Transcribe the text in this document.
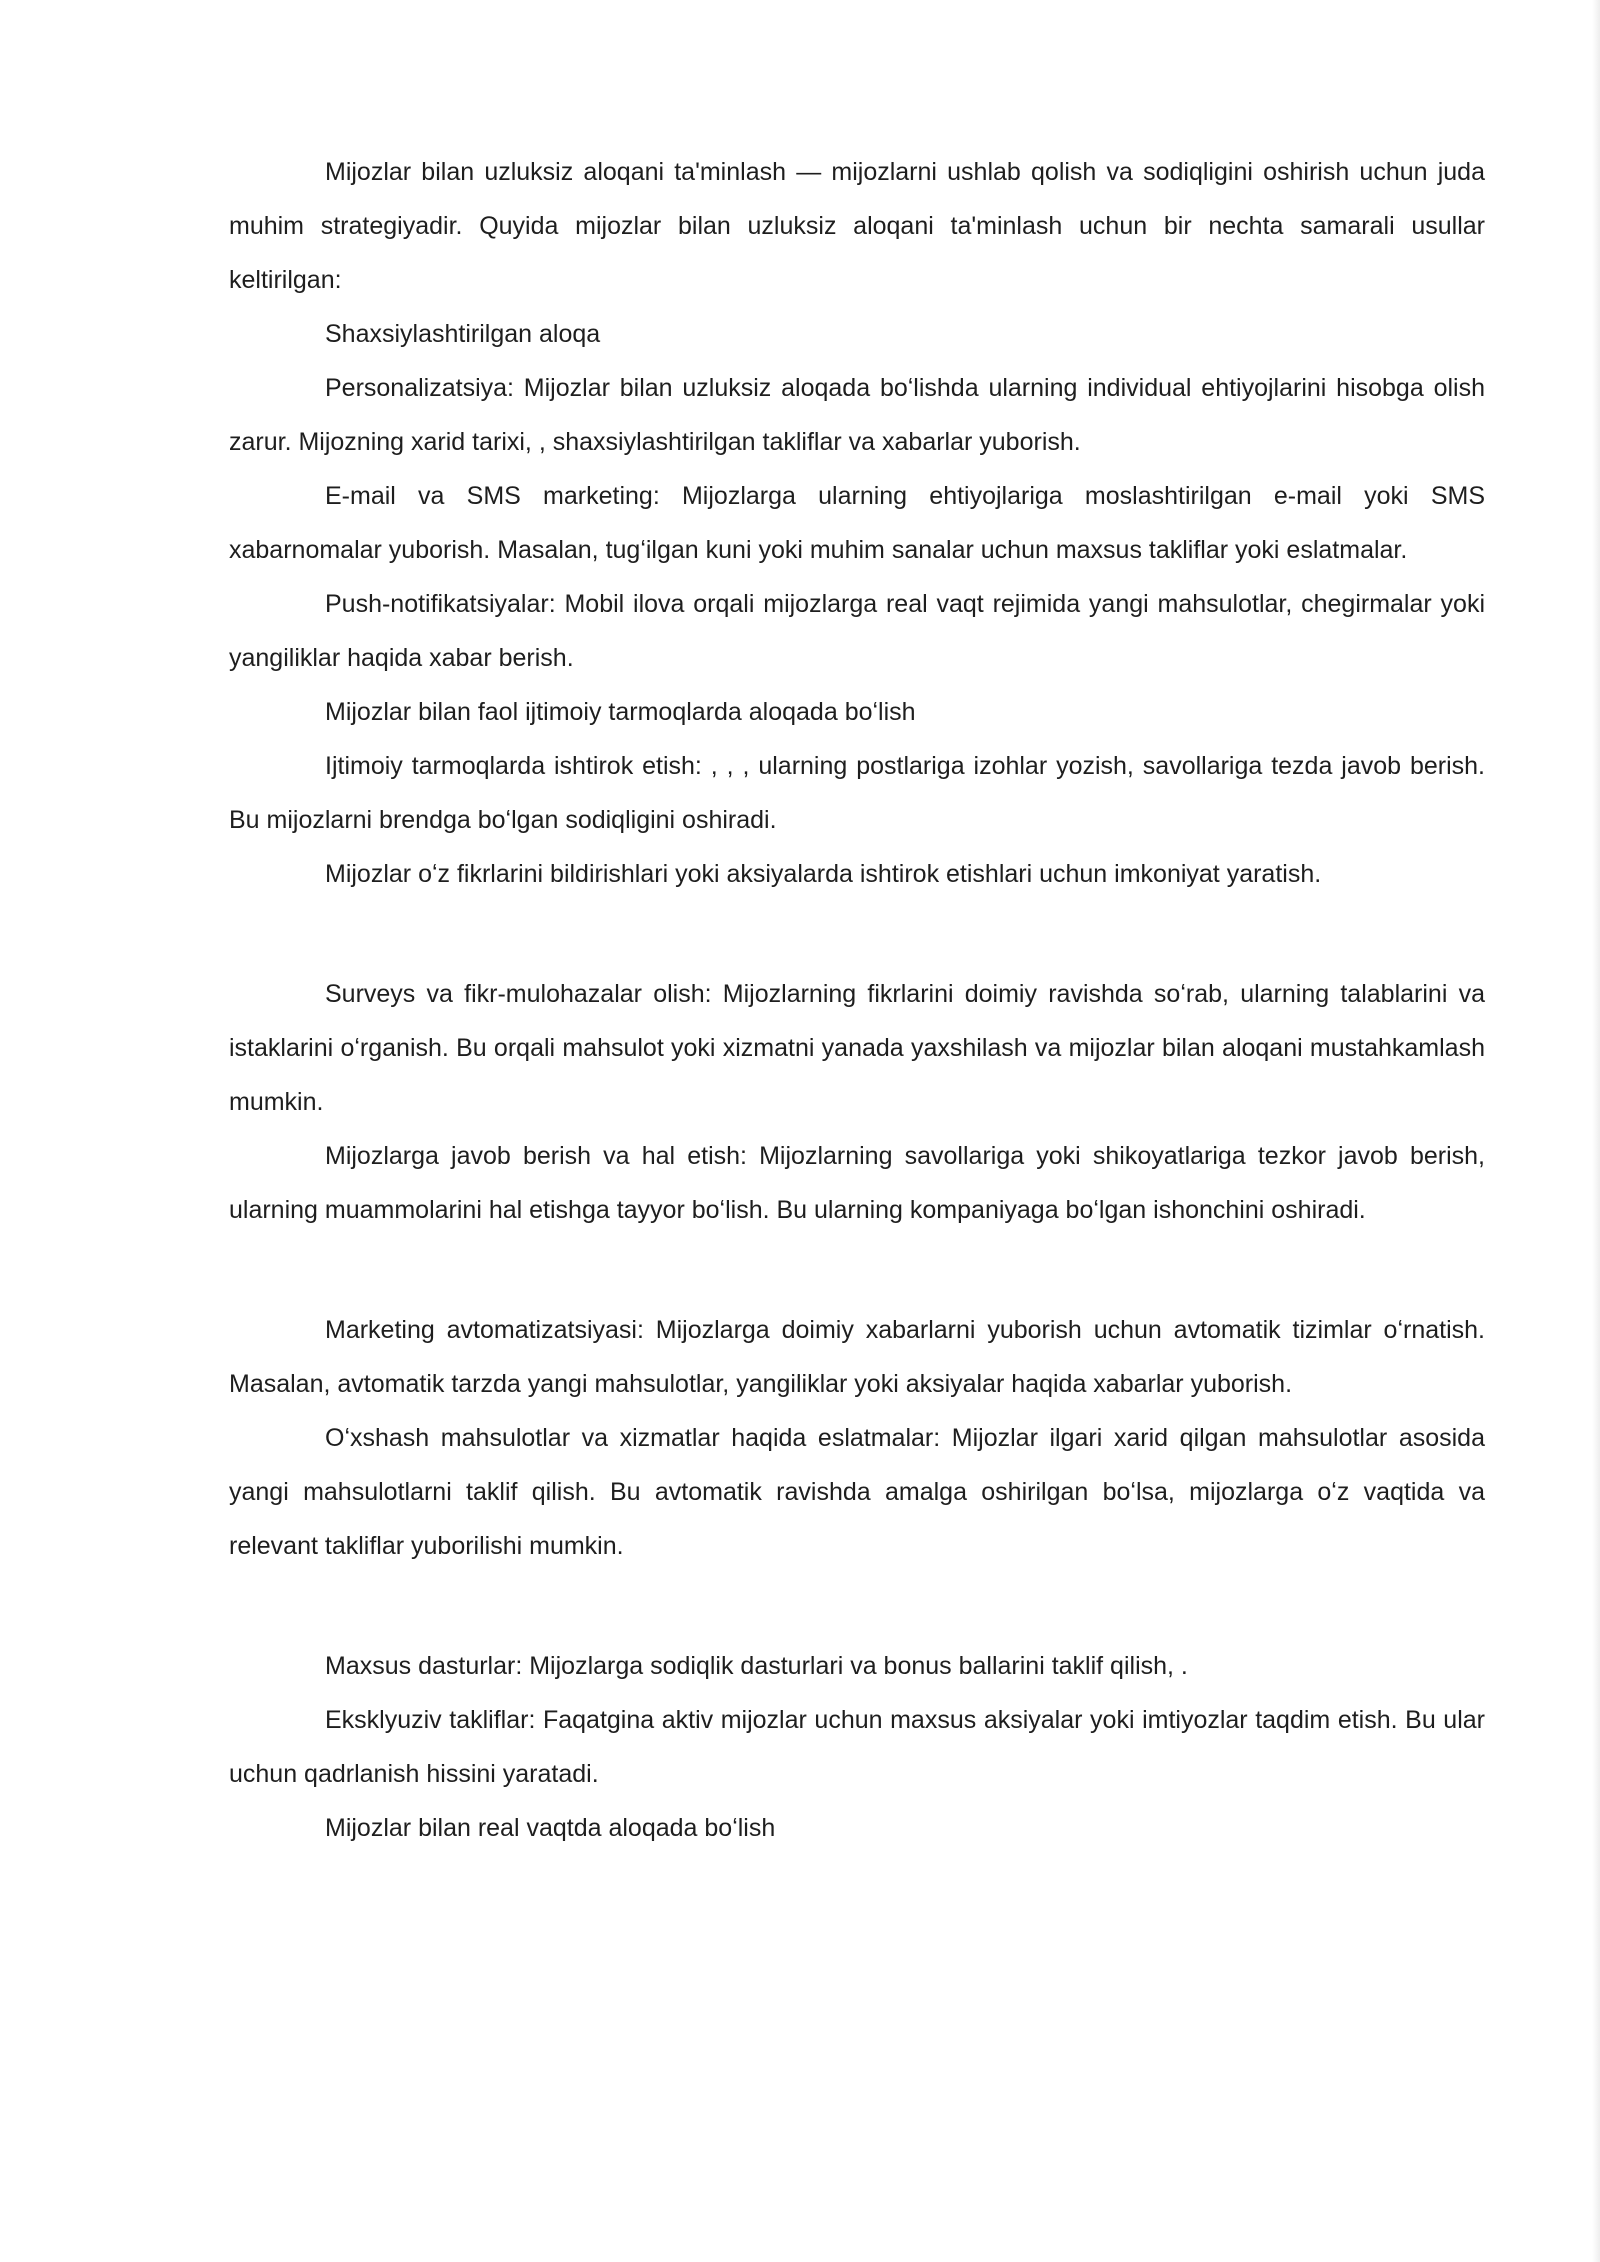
Mijozlar bilan uzluksiz aloqani ta'minlash — mijozlarni ushlab qolish va sodiqligini oshirish uchun juda muhim strategiyadir. Quyida mijozlar bilan uzluksiz aloqani ta'minlash uchun bir nechta samarali usullar keltirilgan:

Shaxsiylashtirilgan aloqa

Personalizatsiya: Mijozlar bilan uzluksiz aloqada boʻlishda ularning individual ehtiyojlarini hisobga olish zarur. Mijozning xarid tarixi, , shaxsiylashtirilgan takliflar va xabarlar yuborish.

E-mail va SMS marketing: Mijozlarga ularning ehtiyojlariga moslashtirilgan e-mail yoki SMS xabarnomalar yuborish. Masalan, tugʻilgan kuni yoki muhim sanalar uchun maxsus takliflar yoki eslatmalar.

Push-notifikatsiyalar: Mobil ilova orqali mijozlarga real vaqt rejimida yangi mahsulotlar, chegirmalar yoki yangiliklar haqida xabar berish.

Mijozlar bilan faol ijtimoiy tarmoqlarda aloqada boʻlish

Ijtimoiy tarmoqlarda ishtirok etish: , , , ularning postlariga izohlar yozish, savollariga tezda javob berish. Bu mijozlarni brendga boʻlgan sodiqligini oshiradi.

Mijozlar oʻz fikrlarini bildirishlari yoki aksiyalarda ishtirok etishlari uchun imkoniyat yaratish.

Surveys va fikr-mulohazalar olish: Mijozlarning fikrlarini doimiy ravishda soʻrab, ularning talablarini va istaklarini oʻrganish. Bu orqali mahsulot yoki xizmatni yanada yaxshilash va mijozlar bilan aloqani mustahkamlash mumkin.

Mijozlarga javob berish va hal etish: Mijozlarning savollariga yoki shikoyatlariga tezkor javob berish, ularning muammolarini hal etishga tayyor boʻlish. Bu ularning kompaniyaga boʻlgan ishonchini oshiradi.

Marketing avtomatizatsiyasi: Mijozlarga doimiy xabarlarni yuborish uchun avtomatik tizimlar oʻrnatish. Masalan, avtomatik tarzda yangi mahsulotlar, yangiliklar yoki aksiyalar haqida xabarlar yuborish.

Oʻxshash mahsulotlar va xizmatlar haqida eslatmalar: Mijozlar ilgari xarid qilgan mahsulotlar asosida yangi mahsulotlarni taklif qilish. Bu avtomatik ravishda amalga oshirilgan boʻlsa, mijozlarga oʻz vaqtida va relevant takliflar yuborilishi mumkin.

Maxsus dasturlar: Mijozlarga sodiqlik dasturlari va bonus ballarini taklif qilish, .

Eksklyuziv takliflar: Faqatgina aktiv mijozlar uchun maxsus aksiyalar yoki imtiyozlar taqdim etish. Bu ular uchun qadrlanish hissini yaratadi.

Mijozlar bilan real vaqtda aloqada boʻlish
